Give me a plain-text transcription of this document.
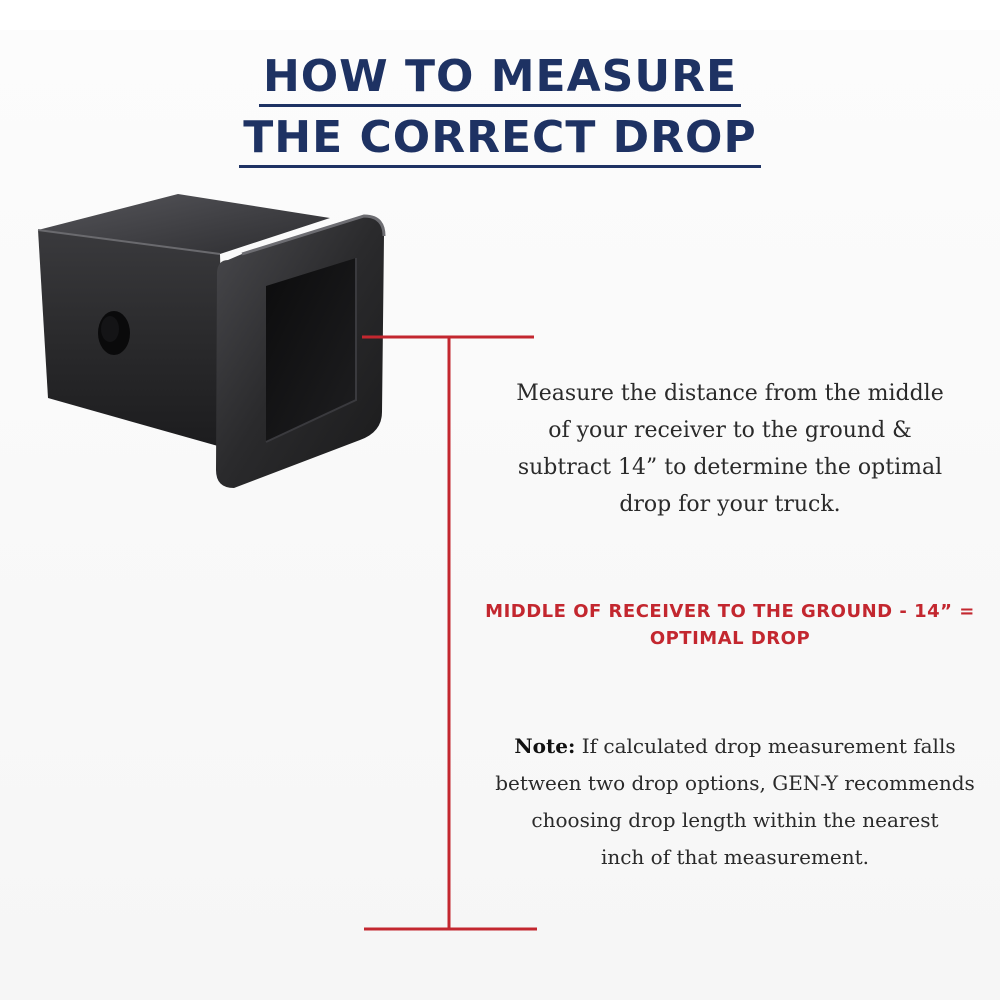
HOW TO MEASURE
THE CORRECT DROP
Measure the distance from the middle
of your receiver to the ground &
subtract 14” to determine the optimal
drop for your truck.
MIDDLE OF RECEIVER TO THE GROUND - 14” =
OPTIMAL DROP
Note: If calculated drop measurement falls
between two drop options, GEN-Y recommends
choosing drop length within the nearest
inch of that measurement.
